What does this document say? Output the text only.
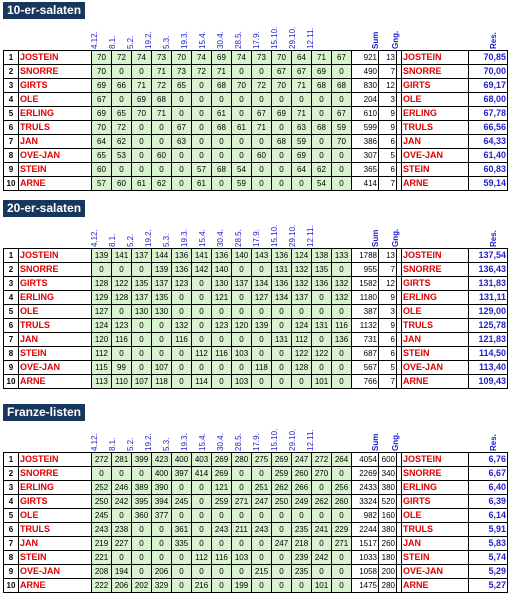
10-er-salaten
4.12. 8.1. 5.2. 19.2. 5.3. 19.3. 15.4. 30.4. 28.5. 17.9. 15.10. 29.10. 12.11.	Sum Gng.	Res.
1	JOSTEIN	70	72	74	73	70	74	69	74	73	70	64	71	67	921	13		JOSTEIN	70,85
2	SNORRE	70	0	0	71	73	72	71	0	0	67	67	69	0	490	7		SNORRE	70,00
3	GIRTS	69	66	71	72	65	0	68	70	72	70	71	68	68	830	12		GIRTS	69,17
4	OLE	67	0	69	68	0	0	0	0	0	0	0	0	0	204	3		OLE	68,00
5	ERLING	69	65	70	71	0	0	61	0	67	69	71	0	67	610	9		ERLING	67,78
6	TRULS	70	72	0	0	67	0	68	61	71	0	63	68	59	599	9		TRULS	66,56
7	JAN	64	62	0	0	63	0	0	0	0	68	59	0	70	386	6		JAN	64,33
8	OVE-JAN	65	53	0	60	0	0	0	0	60	0	69	0	0	307	5		OVE-JAN	61,40
9	STEIN	60	0	0	0	0	57	68	54	0	0	64	62	0	365	6		STEIN	60,83
10	ARNE	57	60	61	62	0	61	0	59	0	0	0	54	0	414	7		ARNE	59,14
20-er-salaten
4.12. 8.1. 5.2. 19.2. 5.3. 19.3. 15.4. 30.4. 28.5. 17.9. 15.10. 29.10. 12.11.	Sum Gng.	Res.
1	JOSTEIN	139	141	137	144	136	141	136	140	143	136	124	138	133	1788	13		JOSTEIN	137,54
2	SNORRE	0	0	0	139	136	142	140	0	0	131	132	135	0	955	7		SNORRE	136,43
3	GIRTS	128	122	135	137	123	0	130	137	134	136	132	136	132	1582	12		GIRTS	131,83
4	ERLING	129	128	137	135	0	0	121	0	127	134	137	0	132	1180	9		ERLING	131,11
5	OLE	127	0	130	130	0	0	0	0	0	0	0	0	0	387	3		OLE	129,00
6	TRULS	124	123	0	0	132	0	123	120	139	0	124	131	116	1132	9		TRULS	125,78
7	JAN	120	116	0	0	116	0	0	0	0	131	112	0	136	731	6		JAN	121,83
8	STEIN	112	0	0	0	0	112	116	103	0	0	122	122	0	687	6		STEIN	114,50
9	OVE-JAN	115	99	0	107	0	0	0	0	118	0	128	0	0	567	5		OVE-JAN	113,40
10	ARNE	113	110	107	118	0	114	0	103	0	0	0	101	0	766	7		ARNE	109,43
Franze-listen
4.12. 8.1. 5.2. 19.2. 5.3. 19.3. 15.4. 30.4. 28.5. 17.9. 15.10. 29.10. 12.11.	Sum Gng.	Res.
1	JOSTEIN	272	281	399	423	400	403	269	280	275	269	247	272	264	4054	600		JOSTEIN	6,76
2	SNORRE	0	0	0	400	397	414	269	0	0	259	260	270	0	2269	340		SNORRE	6,67
3	ERLING	252	246	389	390	0	0	121	0	251	262	266	0	256	2433	380		ERLING	6,40
4	GIRTS	250	242	395	394	245	0	259	271	247	250	249	262	260	3324	520		GIRTS	6,39
5	OLE	245	0	360	377	0	0	0	0	0	0	0	0	0	982	160		OLE	6,14
6	TRULS	243	238	0	0	361	0	243	211	243	0	235	241	229	2244	380		TRULS	5,91
7	JAN	219	227	0	0	335	0	0	0	0	247	218	0	271	1517	260		JAN	5,83
8	STEIN	221	0	0	0	0	112	116	103	0	0	239	242	0	1033	180		STEIN	5,74
9	OVE-JAN	208	194	0	206	0	0	0	0	215	0	235	0	0	1058	200		OVE-JAN	5,29
10	ARNE	222	206	202	329	0	216	0	199	0	0	0	101	0	1475	280		ARNE	5,27
